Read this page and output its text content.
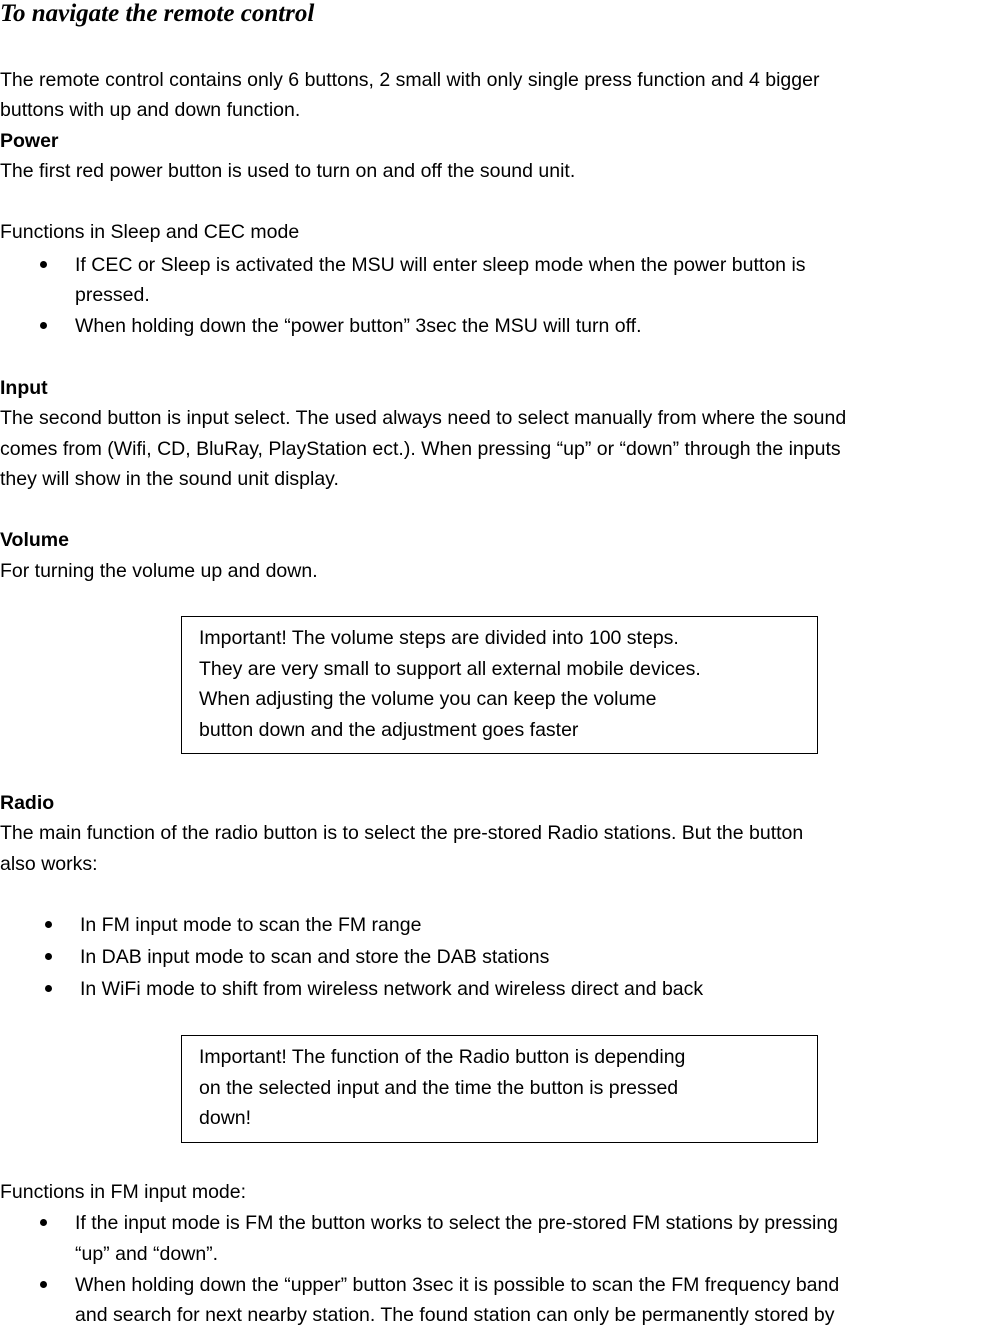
To navigate the remote control
The remote control contains only 6 buttons, 2 small with only single press function and 4 bigger
buttons with up and down function.
Power
The first red power button is used to turn on and off the sound unit.
Functions in Sleep and CEC mode
If CEC or Sleep is activated the MSU will enter sleep mode when the power button is
pressed.
When holding down the “power button” 3sec the MSU will turn off.
Input
The second button is input select. The used always need to select manually from where the sound
comes from (Wifi, CD, BluRay, PlayStation ect.). When pressing “up” or “down” through the inputs
they will show in the sound unit display.
Volume
For turning the volume up and down.
Important! The volume steps are divided into 100 steps.
They are very small to support all external mobile devices.
When adjusting the volume you can keep the volume
button down and the adjustment goes faster
Radio
The main function of the radio button is to select the pre-stored Radio stations. But the button
also works:
In FM input mode to scan the FM range
In DAB input mode to scan and store the DAB stations
In WiFi mode to shift from wireless network and wireless direct and back
Important! The function of the Radio button is depending
on the selected input and the time the button is pressed
down!
Functions in FM input mode:
If the input mode is FM the button works to select the pre-stored FM stations by pressing
“up” and “down”.
When holding down the “upper” button 3sec it is possible to scan the FM frequency band
and search for next nearby station. The found station can only be permanently stored by
